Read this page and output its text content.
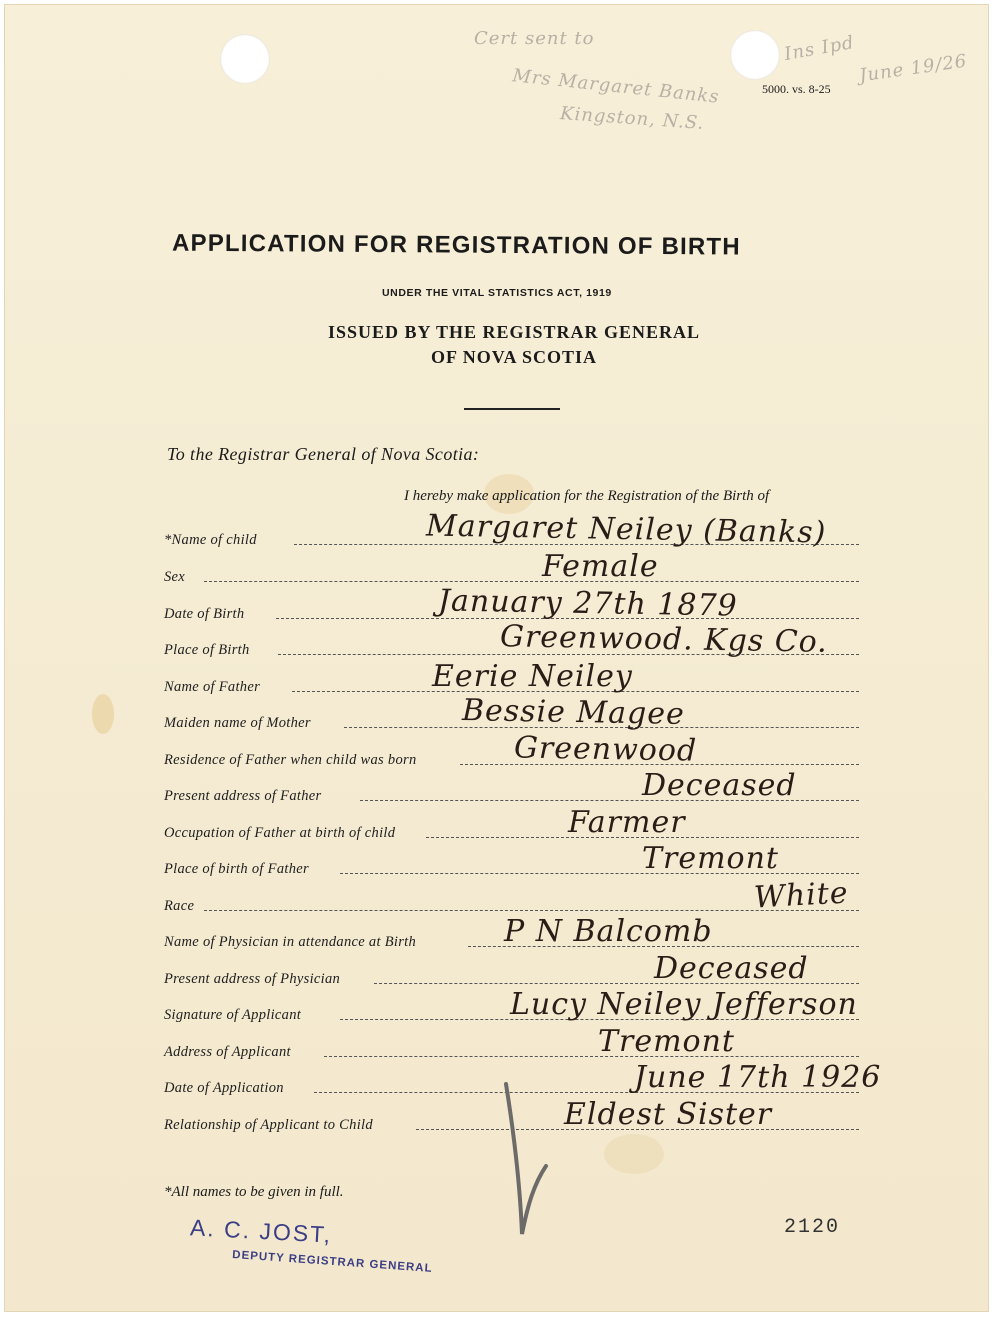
5000. vs. 8-25
Cert sent to
Mrs Margaret Banks
Kingston, N.S.
Ins Ipd
June 19/26
APPLICATION FOR REGISTRATION OF BIRTH
UNDER THE VITAL STATISTICS ACT, 1919
ISSUED BY THE REGISTRAR GENERAL
OF NOVA SCOTIA
To the Registrar General of Nova Scotia:
I hereby make application for the Registration of the Birth of
*Name of child	Margaret Neiley (Banks)
Sex	Female
Date of Birth	January 27th 1879
Place of Birth	Greenwood. Kgs Co.
Name of Father	Eerie Neiley
Maiden name of Mother	Bessie Magee
Residence of Father when child was born	Greenwood
Present address of Father	Deceased
Occupation of Father at birth of child	Farmer
Place of birth of Father	Tremont
Race	White
Name of Physician in attendance at Birth	P N Balcomb
Present address of Physician	Deceased
Signature of Applicant	Lucy Neiley Jefferson
Address of Applicant	Tremont
Date of Application	June 17th 1926
Relationship of Applicant to Child	Eldest Sister
*All names to be given in full.
A. C. JOST,
DEPUTY REGISTRAR GENERAL
2120
